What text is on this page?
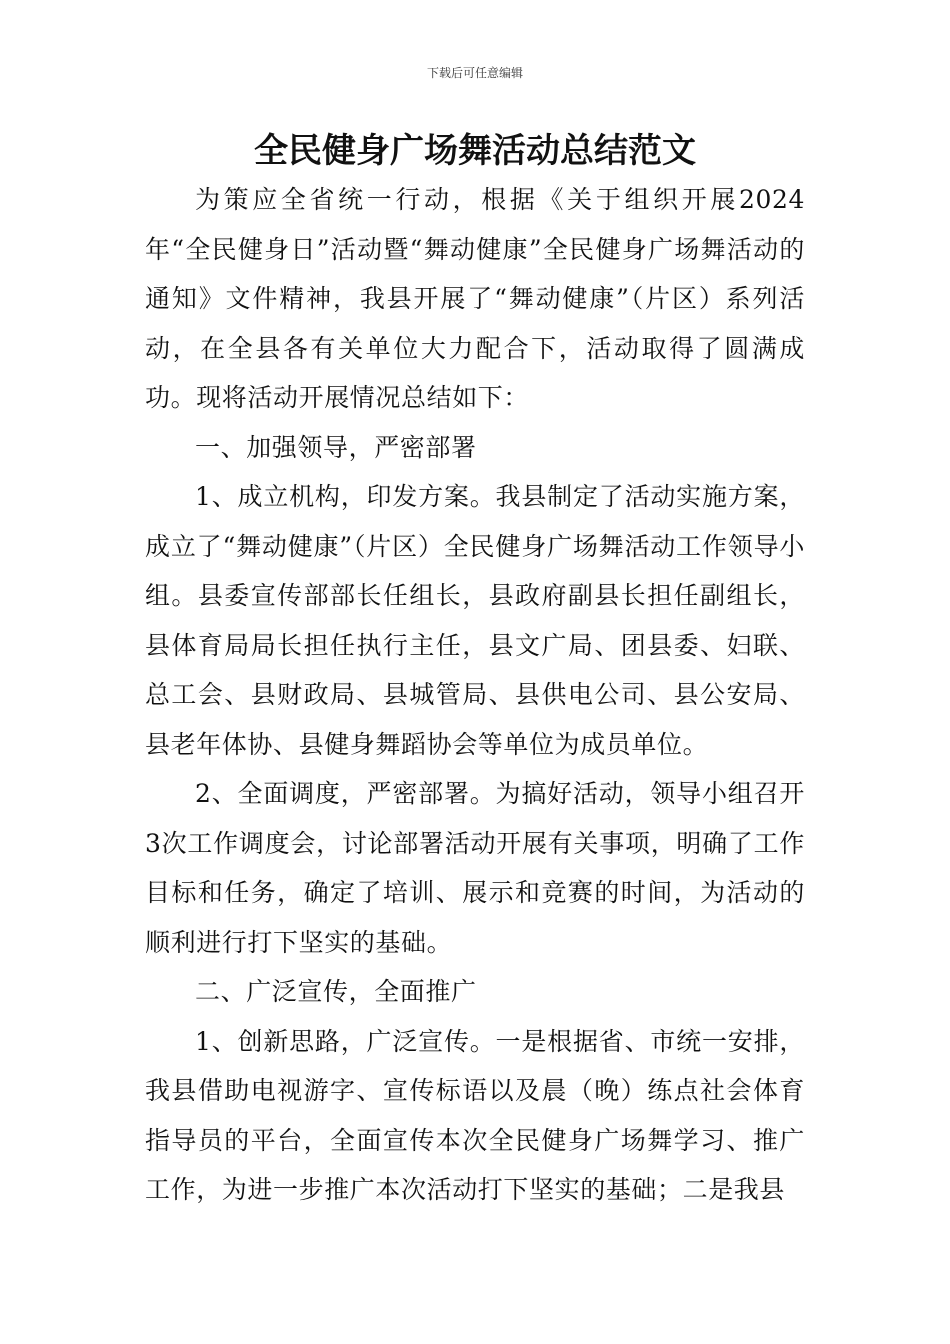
下载后可任意编辑
全民健身广场舞活动总结范文

为策应全省统一行动，根据《关于组织开展2024年“全民健身日”活动暨“舞动健康”全民健身广场舞活动的通知》文件精神，我县开展了“舞动健康”（片区）系列活动，在全县各有关单位大力配合下，活动取得了圆满成功。现将活动开展情况总结如下：

一、加强领导，严密部署

1、成立机构，印发方案。我县制定了活动实施方案，成立了“舞动健康”（片区）全民健身广场舞活动工作领导小组。县委宣传部部长任组长，县政府副县长担任副组长，县体育局局长担任执行主任，县文广局、团县委、妇联、总工会、县财政局、县城管局、县供电公司、县公安局、县老年体协、县健身舞蹈协会等单位为成员单位。

2、全面调度，严密部署。为搞好活动，领导小组召开3次工作调度会，讨论部署活动开展有关事项，明确了工作目标和任务，确定了培训、展示和竞赛的时间，为活动的顺利进行打下坚实的基础。

二、广泛宣传，全面推广

1、创新思路，广泛宣传。一是根据省、市统一安排，我县借助电视游字、宣传标语以及晨（晚）练点社会体育指导员的平台，全面宣传本次全民健身广场舞学习、推广工作，为进一步推广本次活动打下坚实的基础；二是我县
